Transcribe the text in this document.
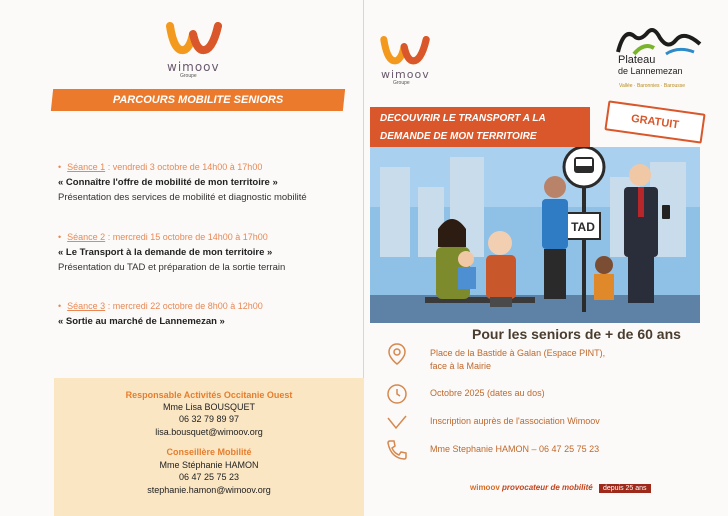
wimoov
Groupe
PARCOURS MOBILITE SENIORS
• Séance 1 : vendredi 3 octobre de 14h00 à 17h00
« Connaître l'offre de mobilité de mon territoire »
Présentation des services de mobilité et diagnostic mobilité
• Séance 2 : mercredi 15 octobre de 14h00 à 17h00
« Le Transport à la demande de mon territoire »
Présentation du TAD et préparation de la sortie terrain
• Séance 3 : mercredi 22 octobre de 8h00 à 12h00
« Sortie au marché de Lannemezan »
Responsable Activités Occitanie Ouest
Mme Lisa BOUSQUET
06 32 79 89 97
lisa.bousquet@wimoov.org
Conseillère Mobilité
Mme Stéphanie HAMON
06 47 25 75 23
stephanie.hamon@wimoov.org
wimoov
Groupe
Plateau
de Lannemezan
Vallée · Baronnies · Barousse
DECOUVRIR LE TRANSPORT A LA
DEMANDE DE MON TERRITOIRE
GRATUIT
TAD
Pour les seniors de + de 60 ans
Place de la Bastide à Galan (Espace PINT),
face à la Mairie
Octobre 2025 (dates au dos)
Inscription auprès de l'association Wimoov
Mme Stephanie HAMON – 06 47 25 75 23
wimoov provocateur de mobilité depuis 25 ans
